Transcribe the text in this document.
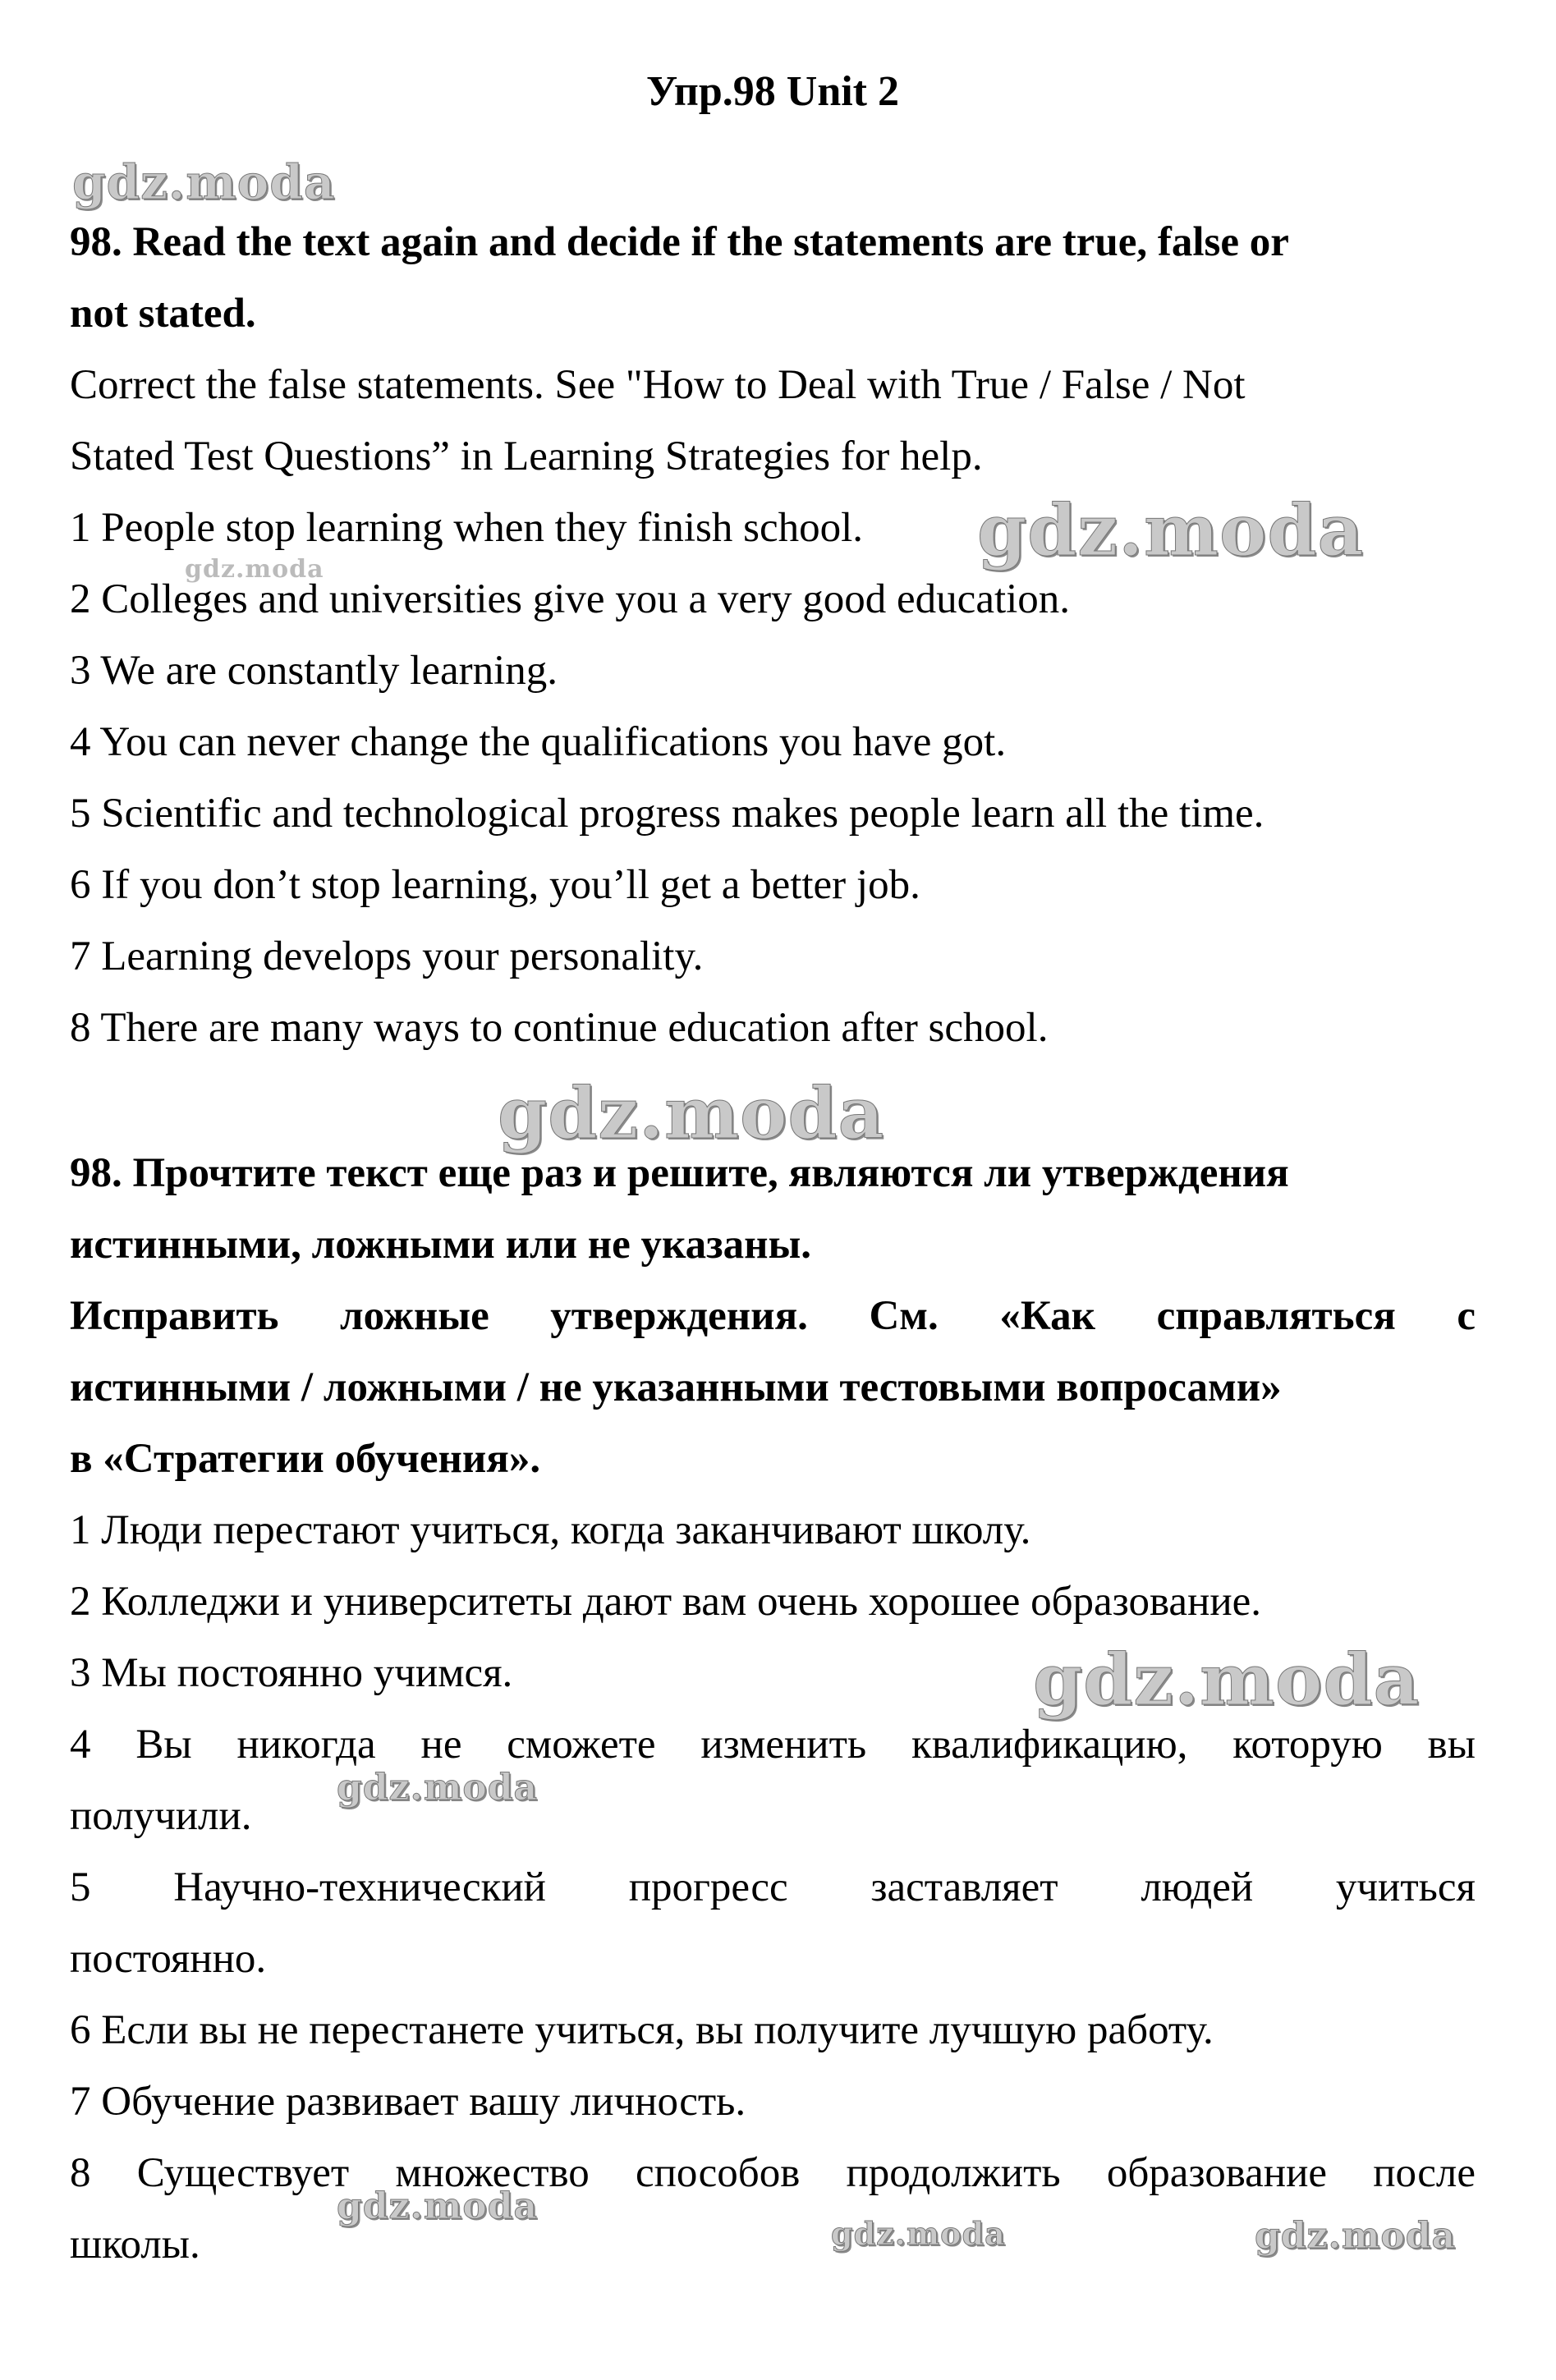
Упр.98 Unit 2
98. Read the text again and decide if the statements are true, false or
not stated.
Correct the false statements. See "How to Deal with True / False / Not
Stated Test Questions” in Learning Strategies for help.
1 People stop learning when they finish school.
2 Colleges and universities give you a very good education.
3 We are constantly learning.
4 You can never change the qualifications you have got.
5 Scientific and technological progress makes people learn all the time.
6 If you don’t stop learning, you’ll get a better job.
7 Learning develops your personality.
8 There are many ways to continue education after school.
98. Прочтите текст еще раз и решите, являются ли утверждения
истинными, ложными или не указаны.
Исправить ложные утверждения. См. «Как справляться с
истинными / ложными / не указанными тестовыми вопросами»
в «Стратегии обучения».
1 Люди перестают учиться, когда заканчивают школу.
2 Колледжи и университеты дают вам очень хорошее образование.
3 Мы постоянно учимся.
4 Вы никогда не сможете изменить квалификацию, которую вы
получили.
5 Научно-технический прогресс заставляет людей учиться
постоянно.
6 Если вы не перестанете учиться, вы получите лучшую работу.
7 Обучение развивает вашу личность.
8 Существует множество способов продолжить образование после
школы.
gdz.moda
gdz.moda
gdz.moda
gdz.moda
gdz.moda
gdz.moda
gdz.moda
gdz.moda	gdz.moda
